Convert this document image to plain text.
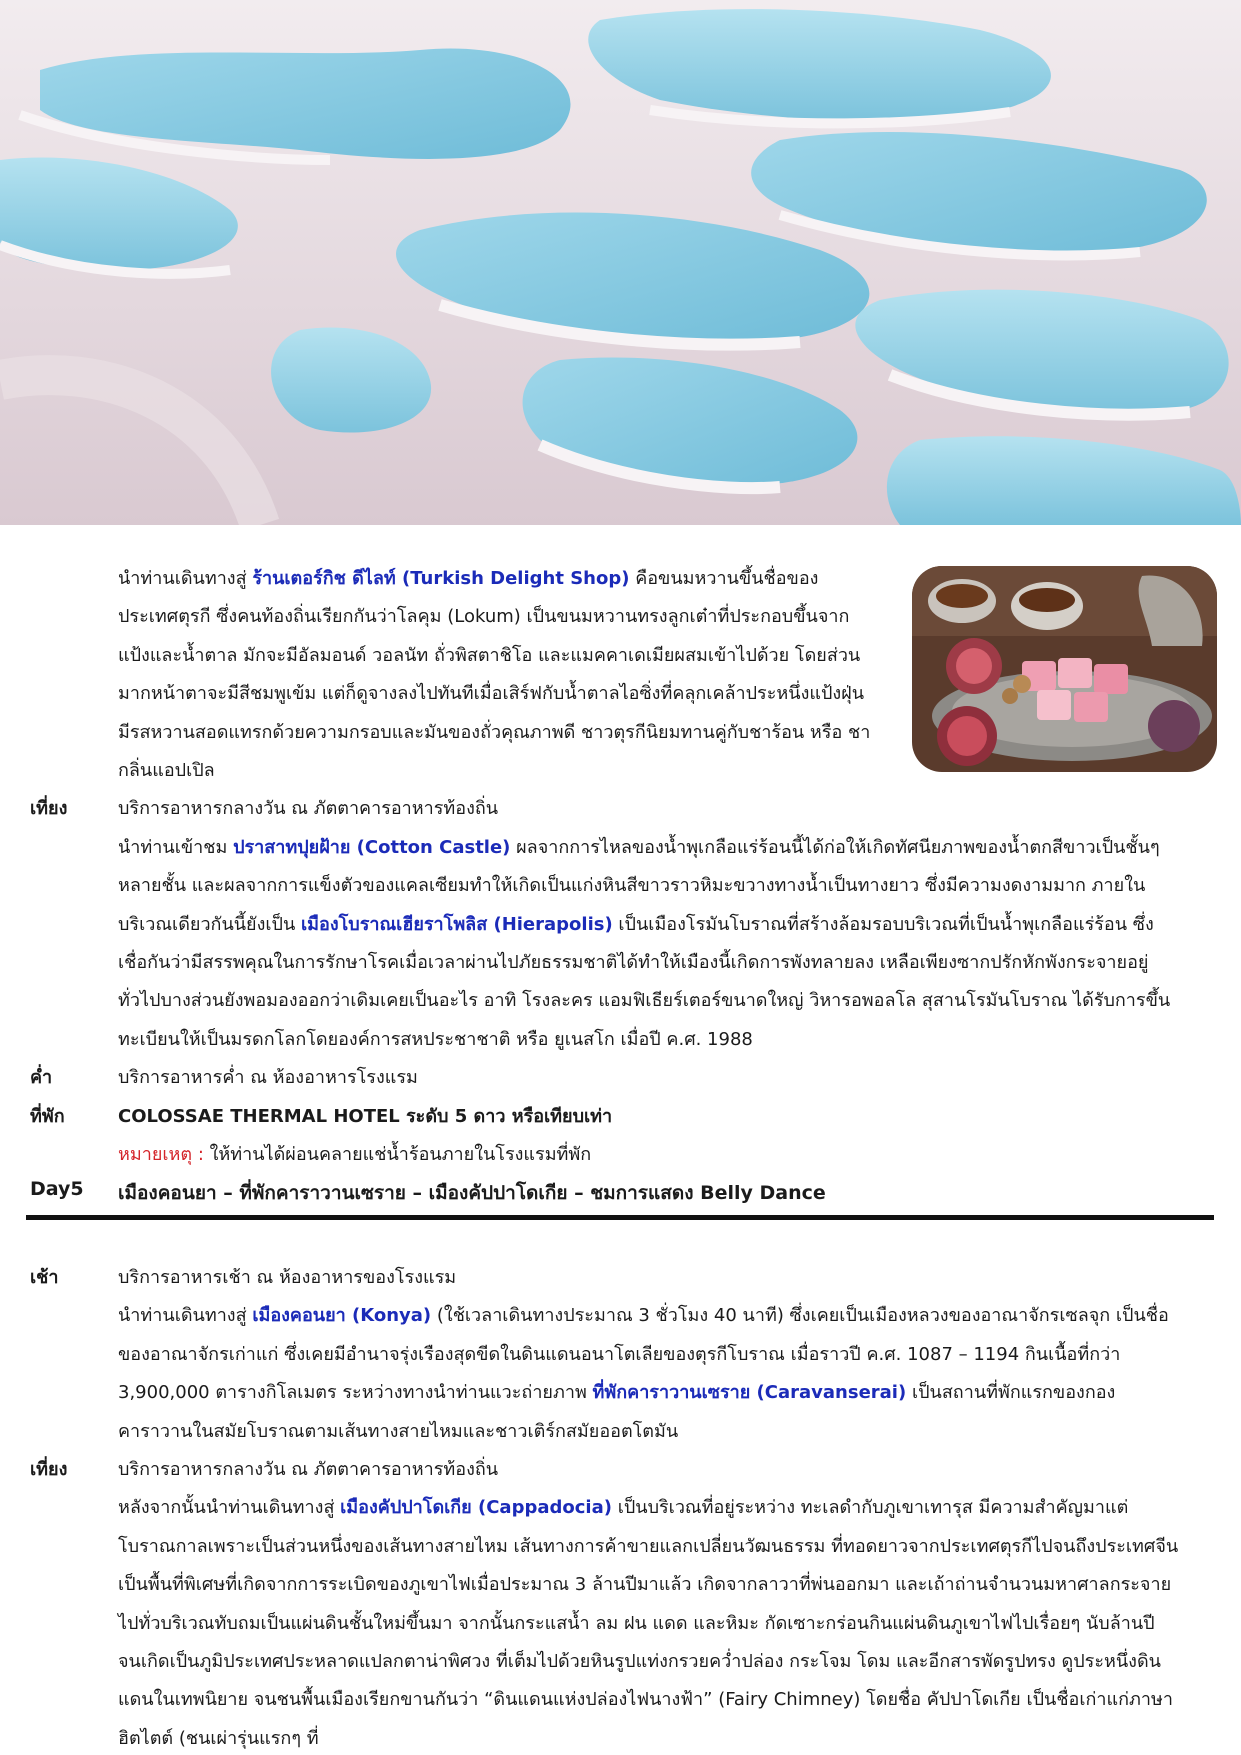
นำท่านเดินทางสู่ ร้านเตอร์กิช ดีไลท์ (Turkish Delight Shop) คือขนมหวานขึ้นชื่อของประเทศตุรกี ซึ่งคนท้องถิ่นเรียกกันว่าโลคุม (Lokum) เป็นขนมหวานทรงลูกเต๋าที่ประกอบขึ้นจากแป้งและน้ำตาล มักจะมีอัลมอนด์ วอลนัท ถั่วพิสตาชิโอ และแมคคาเดเมียผสมเข้าไปด้วย โดยส่วนมากหน้าตาจะมีสีชมพูเข้ม แต่ก็ดูจางลงไปทันทีเมื่อเสิร์ฟกับน้ำตาลไอซิ่งที่คลุกเคล้าประหนึ่งแป้งฝุ่น มีรสหวานสอดแทรกด้วยความกรอบและมันของถั่วคุณภาพดี ชาวตุรกีนิยมทานคู่กับชาร้อน หรือ ชากลิ่นแอปเปิล
เที่ยง	บริการอาหารกลางวัน ณ ภัตตาคารอาหารท้องถิ่น
นำท่านเข้าชม ปราสาทปุยฝ้าย (Cotton Castle) ผลจากการไหลของน้ำพุเกลือแร่ร้อนนี้ได้ก่อให้เกิดทัศนียภาพของน้ำตกสีขาวเป็นชั้นๆ หลายชั้น และผลจากการแข็งตัวของแคลเซียมทำให้เกิดเป็นแก่งหินสีขาวราวหิมะขวางทางน้ำเป็นทางยาว ซึ่งมีความงดงามมาก ภายในบริเวณเดียวกันนี้ยังเป็น เมืองโบราณเฮียราโพลิส (Hierapolis) เป็นเมืองโรมันโบราณที่สร้างล้อมรอบบริเวณที่เป็นน้ำพุเกลือแร่ร้อน ซึ่งเชื่อกันว่ามีสรรพคุณในการรักษาโรคเมื่อเวลาผ่านไปภัยธรรมชาติได้ทำให้เมืองนี้เกิดการพังทลายลง เหลือเพียงซากปรักหักพังกระจายอยู่ทั่วไปบางส่วนยังพอมองออกว่าเดิมเคยเป็นอะไร อาทิ โรงละคร แอมฟิเธียร์เตอร์ขนาดใหญ่ วิหารอพอลโล สุสานโรมันโบราณ ได้รับการขึ้นทะเบียนให้เป็นมรดกโลกโดยองค์การสหประชาชาติ หรือ ยูเนสโก เมื่อปี ค.ศ. 1988
ค่ำ	บริการอาหารค่ำ ณ ห้องอาหารโรงแรม
ที่พัก	COLOSSAE THERMAL HOTEL ระดับ 5 ดาว หรือเทียบเท่า
หมายเหตุ : ให้ท่านได้ผ่อนคลายแช่น้ำร้อนภายในโรงแรมที่พัก
Day5 เมืองคอนยา – ที่พักคาราวานเซราย – เมืองคัปปาโดเกีย – ชมการแสดง Belly Dance
เช้า	บริการอาหารเช้า ณ ห้องอาหารของโรงแรม
นำท่านเดินทางสู่ เมืองคอนยา (Konya) (ใช้เวลาเดินทางประมาณ 3 ชั่วโมง 40 นาที) ซึ่งเคยเป็นเมืองหลวงของอาณาจักรเซลจุก เป็นชื่อของอาณาจักรเก่าแก่ ซึ่งเคยมีอำนาจรุ่งเรืองสุดขีดในดินแดนอนาโตเลียของตุรกีโบราณ เมื่อราวปี ค.ศ. 1087 – 1194 กินเนื้อที่กว่า 3,900,000 ตารางกิโลเมตร ระหว่างทางนำท่านแวะถ่ายภาพ ที่พักคาราวานเซราย (Caravanserai) เป็นสถานที่พักแรกของกองคาราวานในสมัยโบราณตามเส้นทางสายไหมและชาวเติร์กสมัยออตโตมัน
เที่ยง	บริการอาหารกลางวัน ณ ภัตตาคารอาหารท้องถิ่น
หลังจากนั้นนำท่านเดินทางสู่ เมืองคัปปาโดเกีย (Cappadocia) เป็นบริเวณที่อยู่ระหว่าง ทะเลดำกับภูเขาเทารุส มีความสำคัญมาแต่โบราณกาลเพราะเป็นส่วนหนึ่งของเส้นทางสายไหม เส้นทางการค้าขายแลกเปลี่ยนวัฒนธรรม ที่ทอดยาวจากประเทศตุรกีไปจนถึงประเทศจีน เป็นพื้นที่พิเศษที่เกิดจากการระเบิดของภูเขาไฟเมื่อประมาณ 3 ล้านปีมาแล้ว เกิดจากลาวาที่พ่นออกมา และเถ้าถ่านจำนวนมหาศาลกระจายไปทั่วบริเวณทับถมเป็นแผ่นดินชั้นใหม่ขึ้นมา จากนั้นกระแสน้ำ ลม ฝน แดด และหิมะ กัดเซาะกร่อนกินแผ่นดินภูเขาไฟไปเรื่อยๆ นับล้านปี จนเกิดเป็นภูมิประเทศประหลาดแปลกตาน่าพิศวง ที่เต็มไปด้วยหินรูปแท่งกรวยคว่ำปล่อง กระโจม โดม และอีกสารพัดรูปทรง ดูประหนึ่งดินแดนในเทพนิยาย จนชนพื้นเมืองเรียกขานกันว่า “ดินแดนแห่งปล่องไฟนางฟ้า” (Fairy Chimney) โดยชื่อ คัปปาโดเกีย เป็นชื่อเก่าแก่ภาษาฮิตไตต์ (ชนเผ่ารุ่นแรกๆ ที่
